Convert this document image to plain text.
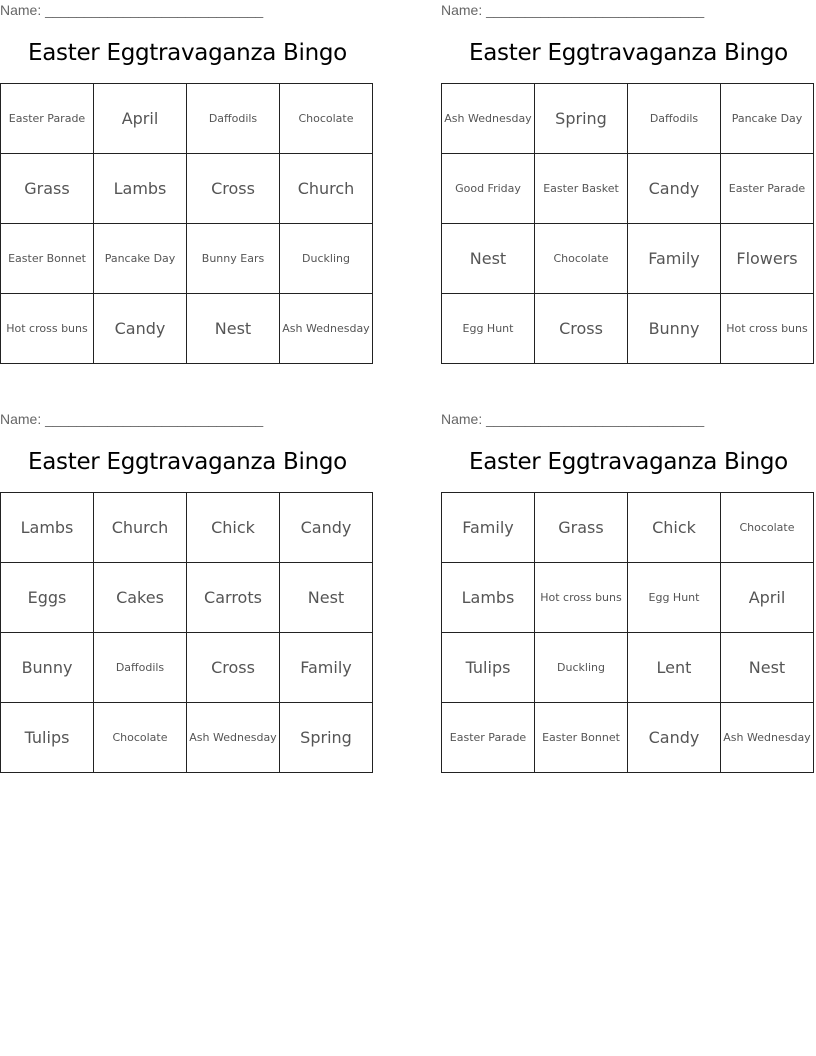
Name: ____________________________
Easter Eggtravaganza Bingo
Easter Parade	April	Daffodils	Chocolate
Grass	Lambs	Cross	Church
Easter Bonnet	Pancake Day	Bunny Ears	Duckling
Hot cross buns	Candy	Nest	Ash Wednesday
Name: ____________________________
Easter Eggtravaganza Bingo
Ash Wednesday	Spring	Daffodils	Pancake Day
Good Friday	Easter Basket	Candy	Easter Parade
Nest	Chocolate	Family	Flowers
Egg Hunt	Cross	Bunny	Hot cross buns
Name: ____________________________
Easter Eggtravaganza Bingo
Lambs	Church	Chick	Candy
Eggs	Cakes	Carrots	Nest
Bunny	Daffodils	Cross	Family
Tulips	Chocolate	Ash Wednesday	Spring
Name: ____________________________
Easter Eggtravaganza Bingo
Family	Grass	Chick	Chocolate
Lambs	Hot cross buns	Egg Hunt	April
Tulips	Duckling	Lent	Nest
Easter Parade	Easter Bonnet	Candy	Ash Wednesday
